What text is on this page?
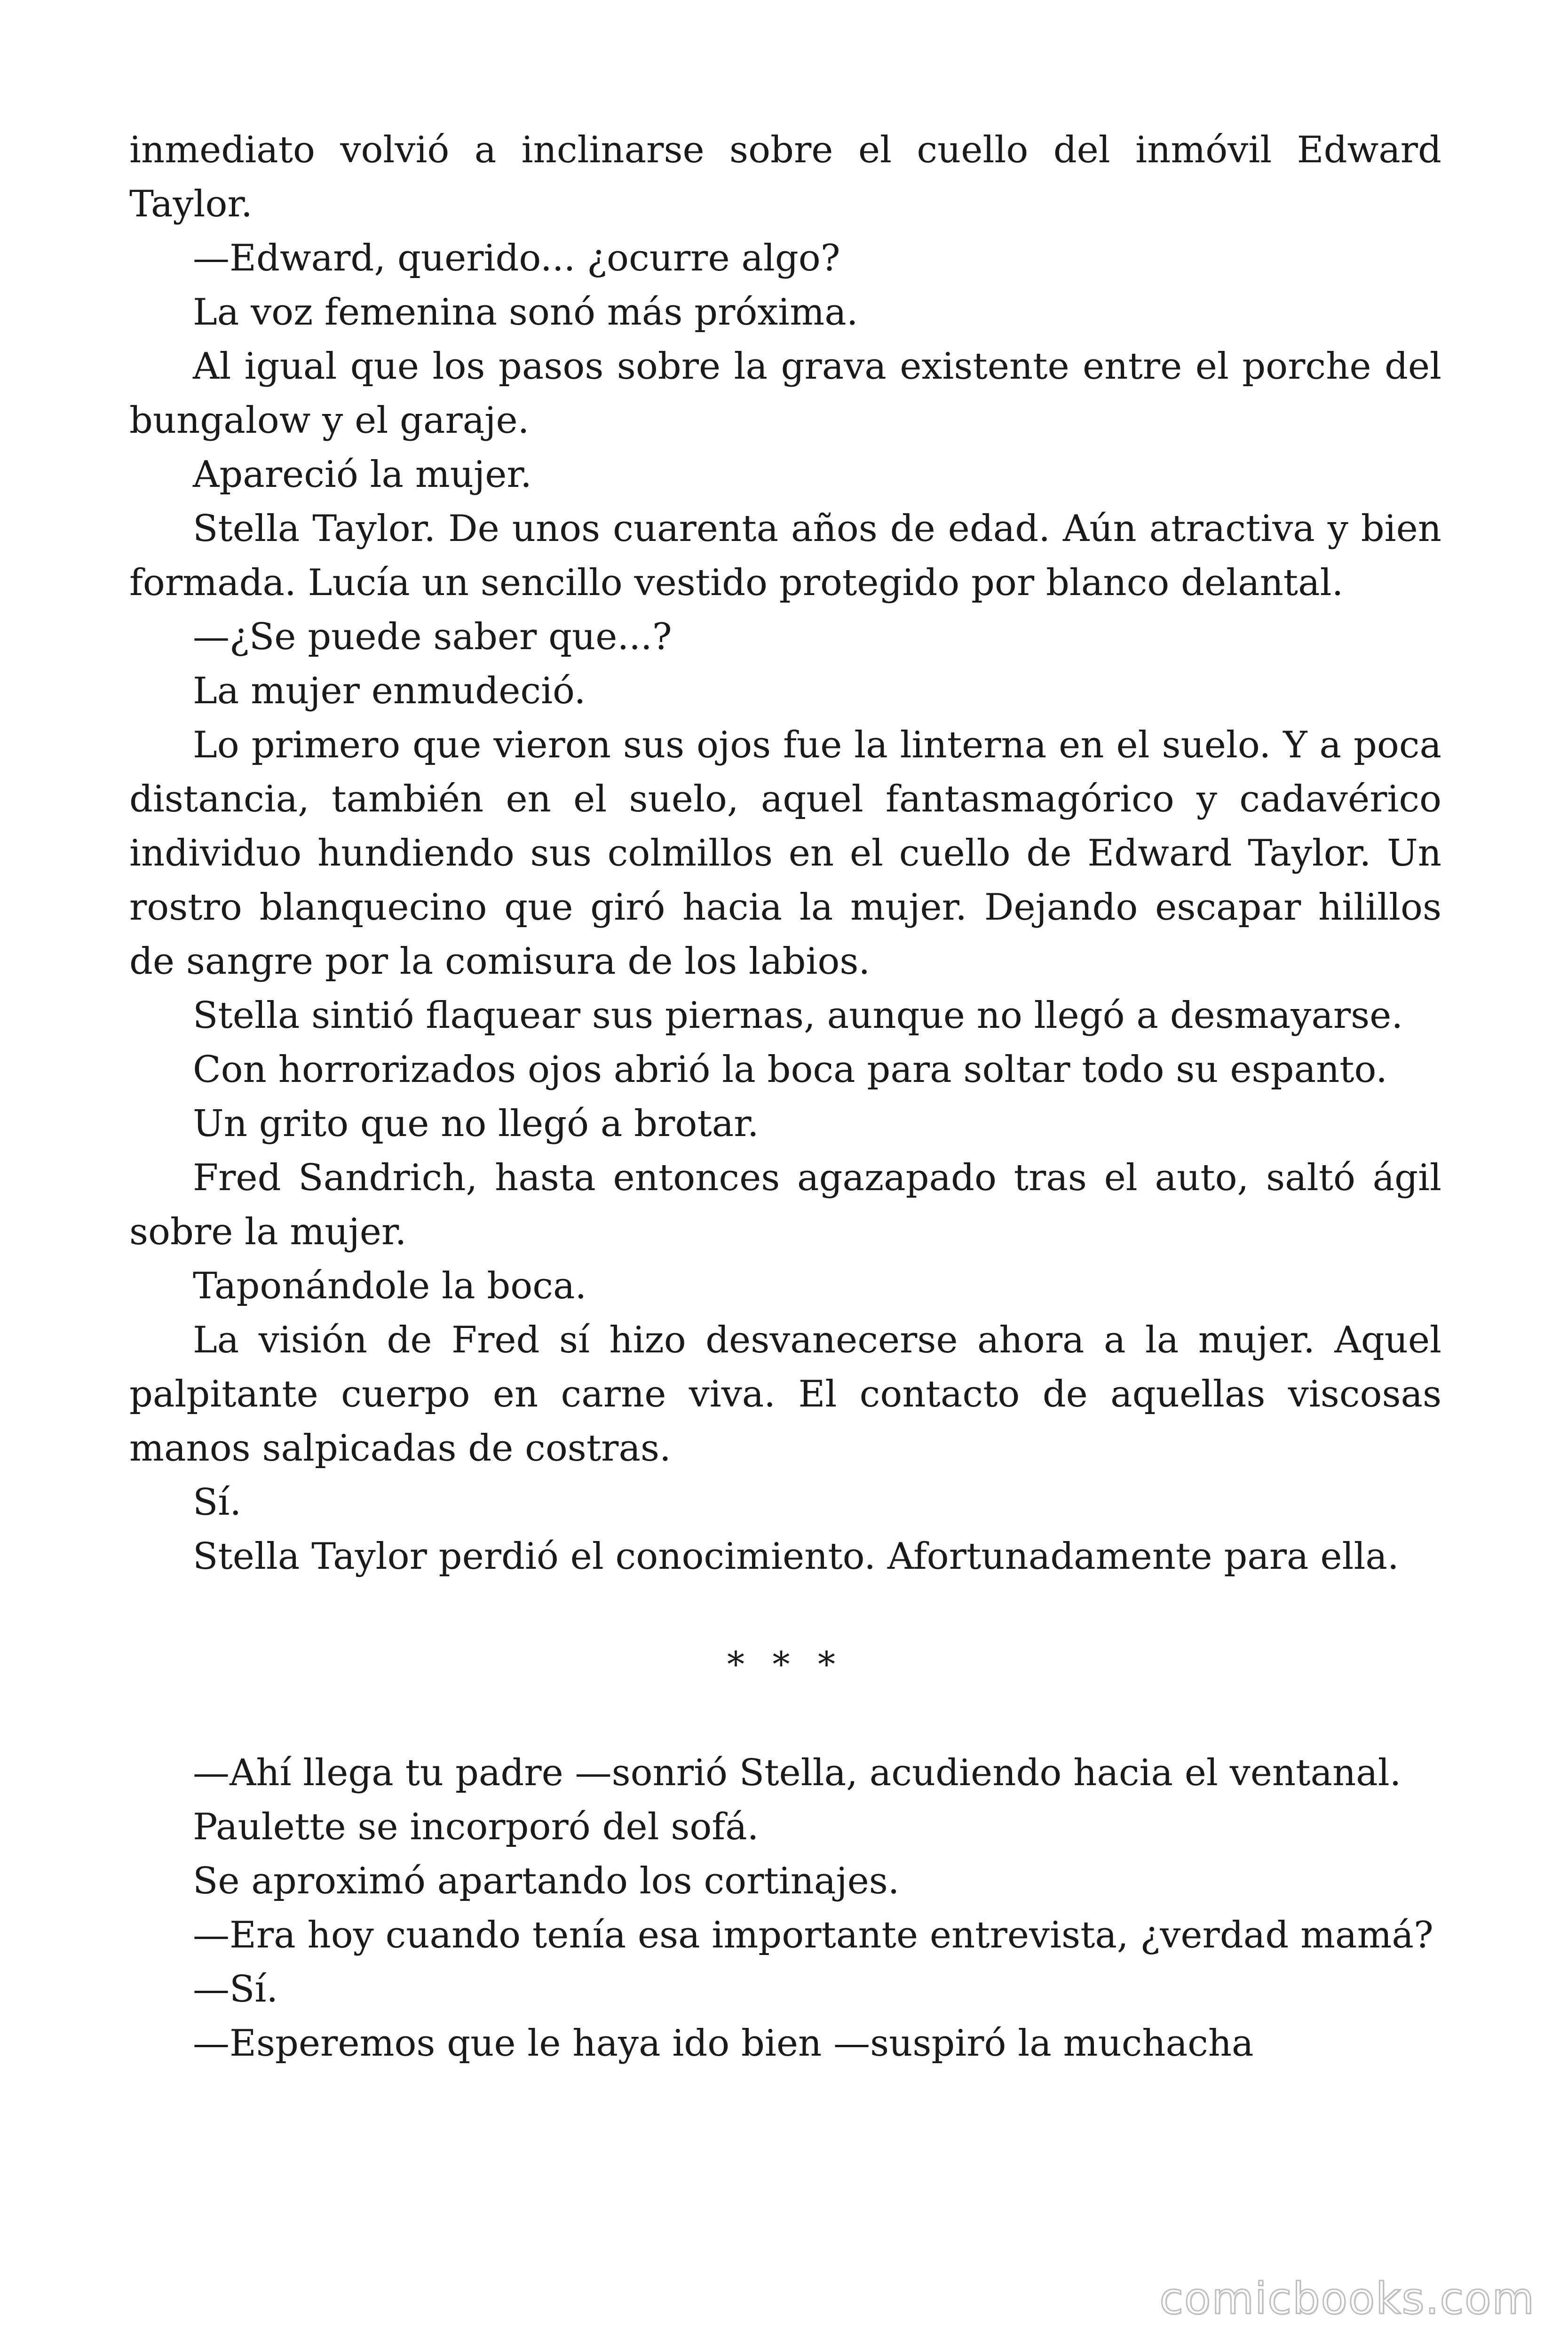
inmediato volvió a inclinarse sobre el cuello del inmóvil Edward Taylor.

—Edward, querido... ¿ocurre algo?

La voz femenina sonó más próxima.

Al igual que los pasos sobre la grava existente entre el porche del bungalow y el garaje.

Apareció la mujer.

Stella Taylor. De unos cuarenta años de edad. Aún atractiva y bien formada. Lucía un sencillo vestido protegido por blanco delantal.

—¿Se puede saber que...?

La mujer enmudeció.

Lo primero que vieron sus ojos fue la linterna en el suelo. Y a poca distancia, también en el suelo, aquel fantasmagórico y cadavérico individuo hundiendo sus colmillos en el cuello de Edward Taylor. Un rostro blanquecino que giró hacia la mujer. Dejando escapar hilillos de sangre por la comisura de los labios.

Stella sintió flaquear sus piernas, aunque no llegó a desmayarse.

Con horrorizados ojos abrió la boca para soltar todo su espanto.

Un grito que no llegó a brotar.

Fred Sandrich, hasta entonces agazapado tras el auto, saltó ágil sobre la mujer.

Taponándole la boca.

La visión de Fred sí hizo desvanecerse ahora a la mujer. Aquel palpitante cuerpo en carne viva. El contacto de aquellas viscosas manos salpicadas de costras.

Sí.

Stella Taylor perdió el conocimiento. Afortunadamente para ella.

* * *

—Ahí llega tu padre —sonrió Stella, acudiendo hacia el ventanal.

Paulette se incorporó del sofá.

Se aproximó apartando los cortinajes.

—Era hoy cuando tenía esa importante entrevista, ¿verdad mamá?

—Sí.

—Esperemos que le haya ido bien —suspiró la muchacha

comicbooks.com
